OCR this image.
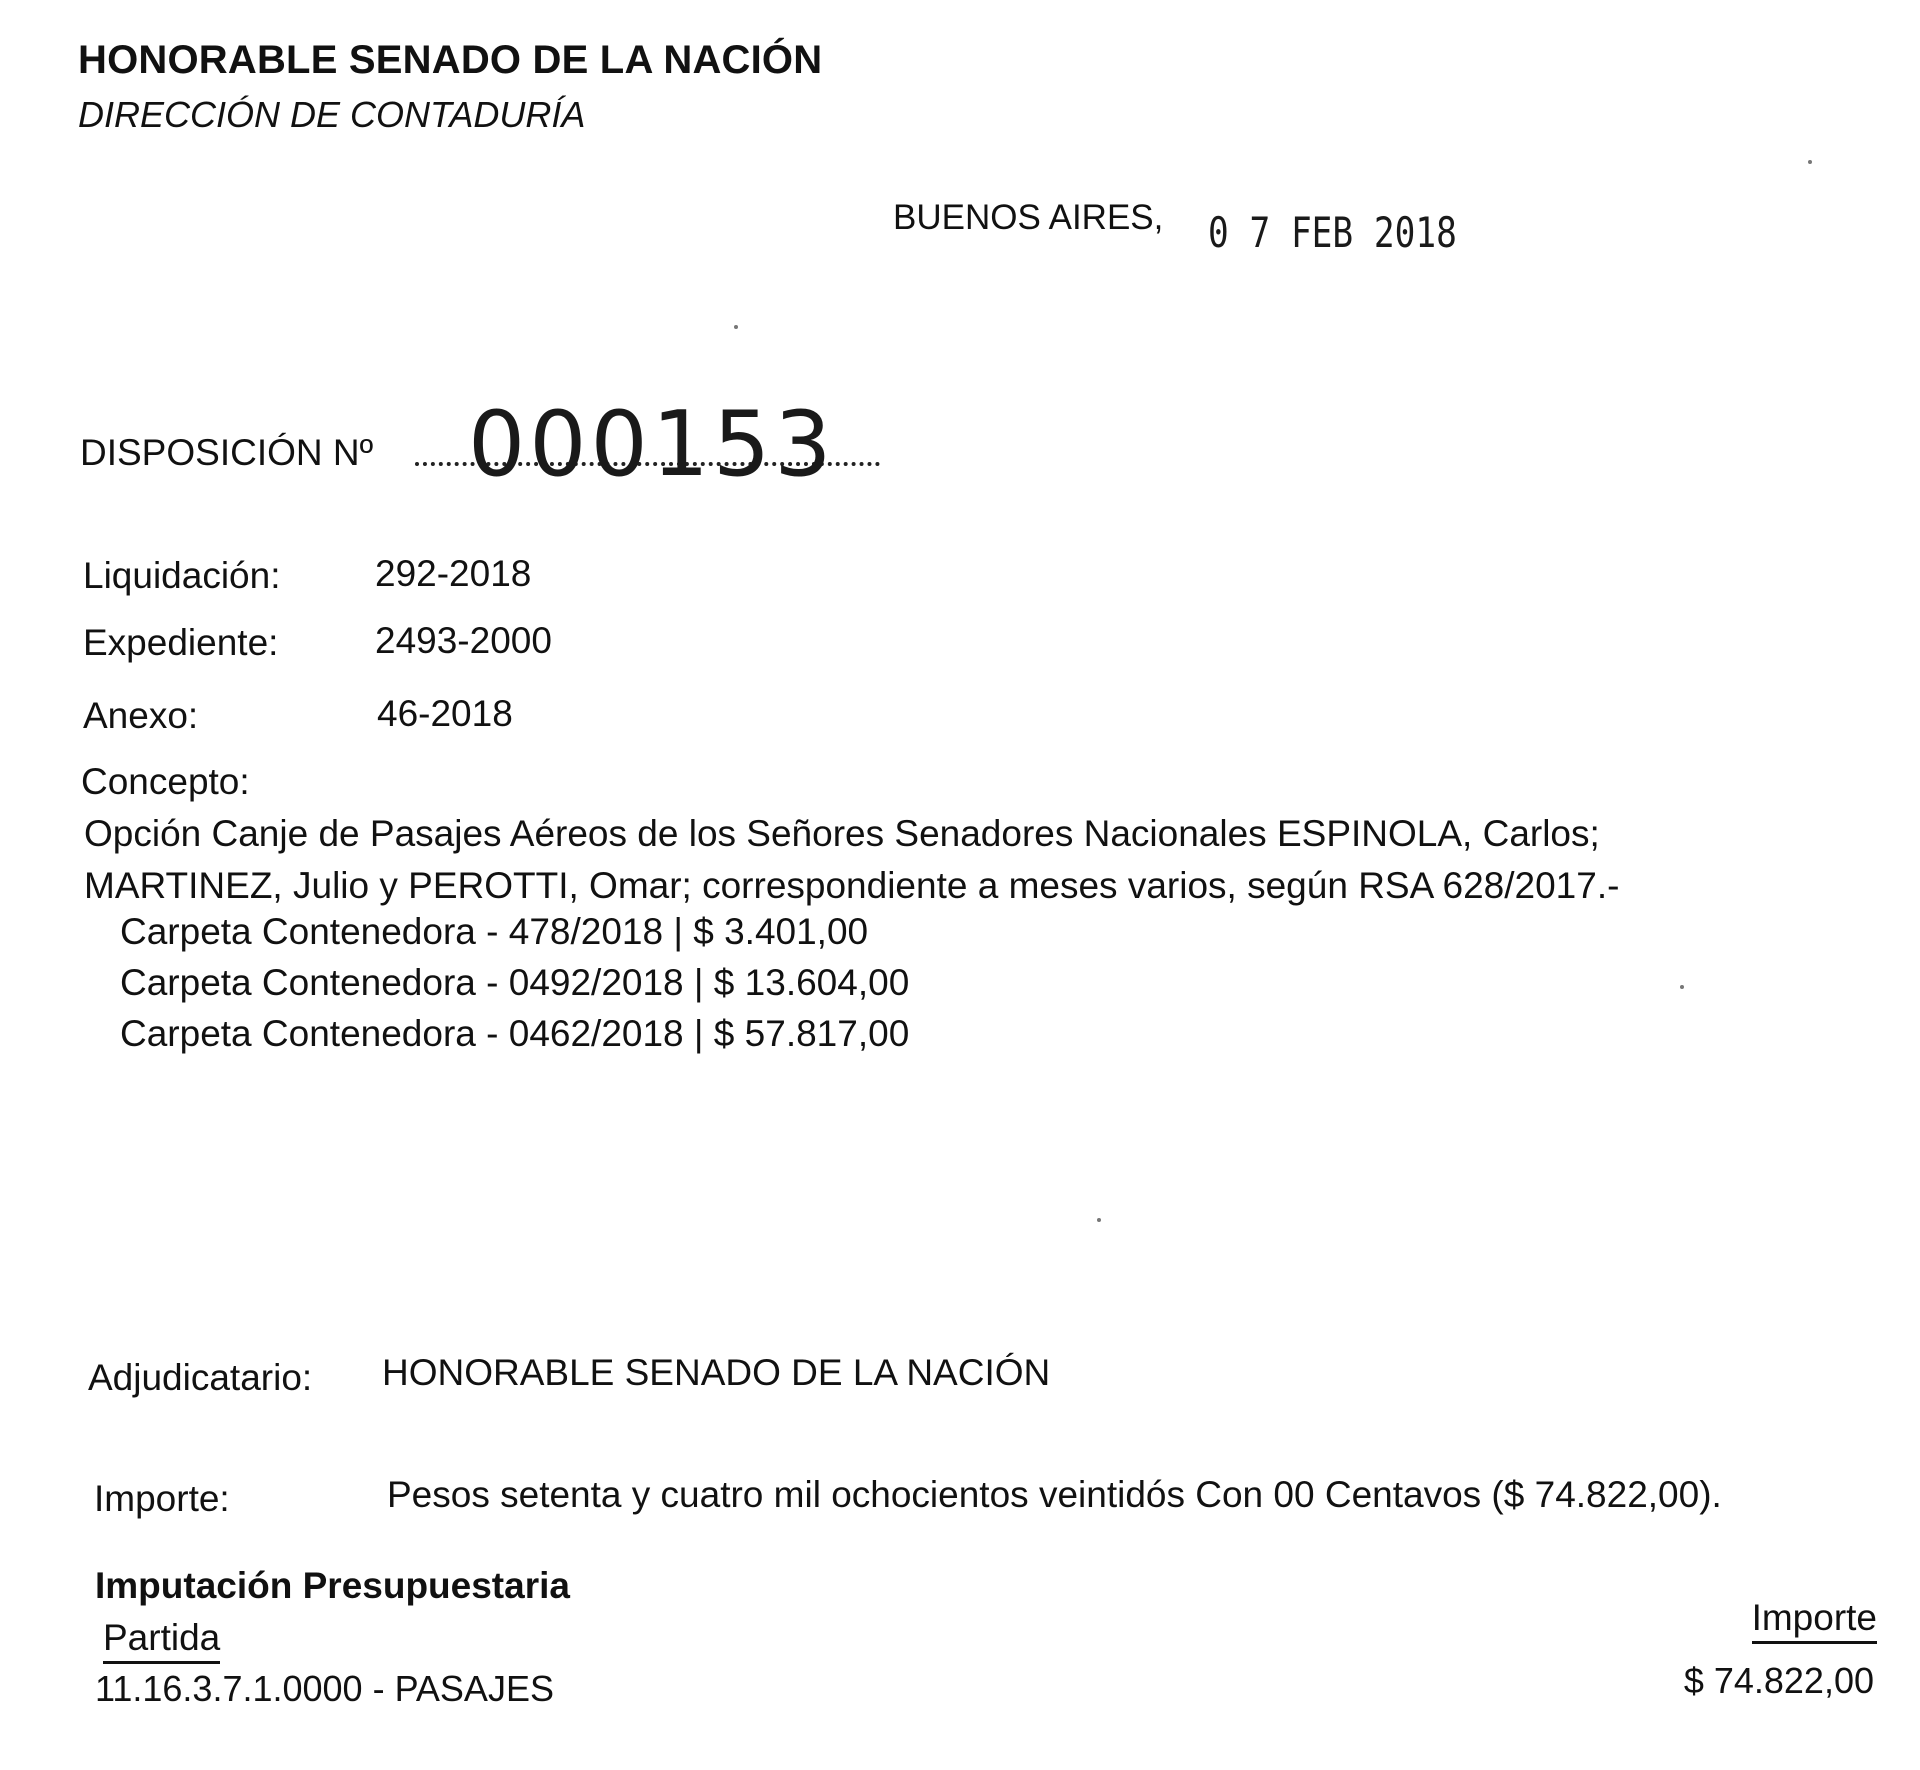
HONORABLE SENADO DE LA NACIÓN
DIRECCIÓN DE CONTADURÍA
BUENOS AIRES, 0 7 FEB 2018
DISPOSICIÓN Nº 000153
Liquidación:	292-2018
Expediente:	2493-2000
Anexo:	46-2018
Concepto:

Opción Canje de Pasajes Aéreos de los Señores Senadores Nacionales ESPINOLA, Carlos;

MARTINEZ, Julio y PEROTTI, Omar; correspondiente a meses varios, según RSA 628/2017.-

Carpeta Contenedora - 478/2018 | $ 3.401,00
Carpeta Contenedora - 0492/2018 | $ 13.604,00
Carpeta Contenedora - 0462/2018 | $ 57.817,00
Adjudicatario: HONORABLE SENADO DE LA NACIÓN
Importe:	Pesos setenta y cuatro mil ochocientos veintidós Con 00 Centavos ($ 74.822,00).
Imputación Presupuestaria
Partida	Importe
11.16.3.7.1.0000 - PASAJES	$ 74.822,00
